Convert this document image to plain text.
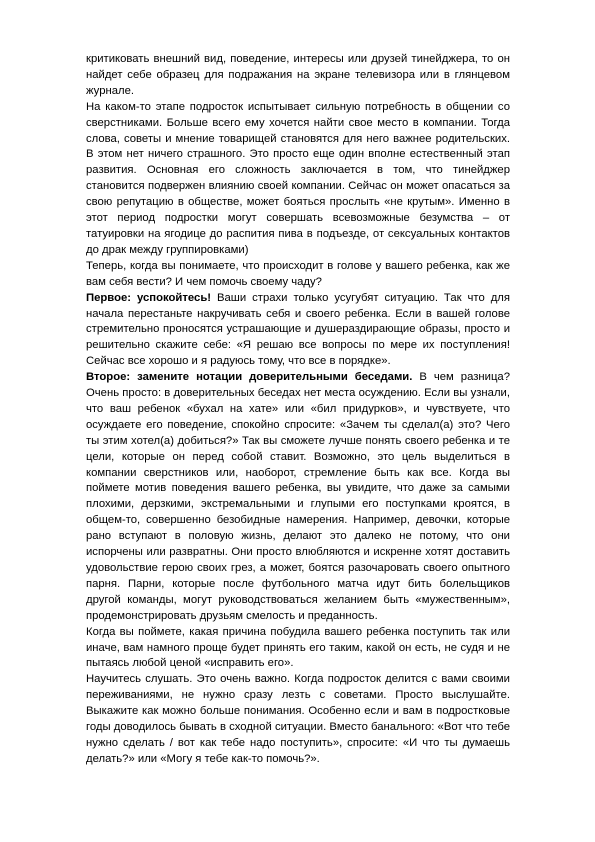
критиковать внешний вид, поведение, интересы или друзей тинейджера, то он найдет себе образец для подражания на экране телевизора или в глянцевом журнале.

На каком-то этапе подросток испытывает сильную потребность в общении со сверстниками. Больше всего ему хочется найти свое место в компании. Тогда слова, советы и мнение товарищей становятся для него важнее родительских. В этом нет ничего страшного. Это просто еще один вполне естественный этап развития. Основная его сложность заключается в том, что тинейджер становится подвержен влиянию своей компании. Сейчас он может опасаться за свою репутацию в обществе, может бояться прослыть «не крутым». Именно в этот период подростки могут совершать всевозможные безумства – от татуировки на ягодице до распития пива в подъезде, от сексуальных контактов до драк между группировками)

Теперь, когда вы понимаете, что происходит в голове у вашего ребенка, как же вам себя вести? И чем помочь своему чаду?

Первое: успокойтесь! Ваши страхи только усугубят ситуацию. Так что для начала перестаньте накручивать себя и своего ребенка. Если в вашей голове стремительно проносятся устрашающие и душераздирающие образы, просто и решительно скажите себе: «Я решаю все вопросы по мере их поступления! Сейчас все хорошо и я радуюсь тому, что все в порядке».

Второе: замените нотации доверительными беседами. В чем разница? Очень просто: в доверительных беседах нет места осуждению. Если вы узнали, что ваш ребенок «бухал на хате» или «бил придурков», и чувствуете, что осуждаете его поведение, спокойно спросите: «Зачем ты сделал(а) это? Чего ты этим хотел(а) добиться?» Так вы сможете лучше понять своего ребенка и те цели, которые он перед собой ставит. Возможно, это цель выделиться в компании сверстников или, наоборот, стремление быть как все. Когда вы поймете мотив поведения вашего ребенка, вы увидите, что даже за самыми плохими, дерзкими, экстремальными и глупыми его поступками кроятся, в общем-то, совершенно безобидные намерения. Например, девочки, которые рано вступают в половую жизнь, делают это далеко не потому, что они испорчены или развратны. Они просто влюбляются и искренне хотят доставить удовольствие герою своих грез, а может, боятся разочаровать своего опытного парня. Парни, которые после футбольного матча идут бить болельщиков другой команды, могут руководствоваться желанием быть «мужественным», продемонстрировать друзьям смелость и преданность.

Когда вы поймете, какая причина побудила вашего ребенка поступить так или иначе, вам намного проще будет принять его таким, какой он есть, не судя и не пытаясь любой ценой «исправить его».

Научитесь слушать. Это очень важно. Когда подросток делится с вами своими переживаниями, не нужно сразу лезть с советами. Просто выслушайте. Выкажите как можно больше понимания. Особенно если и вам в подростковые годы доводилось бывать в сходной ситуации. Вместо банального: «Вот что тебе нужно сделать / вот как тебе надо поступить», спросите: «И что ты думаешь делать?» или «Могу я тебе как-то помочь?».
